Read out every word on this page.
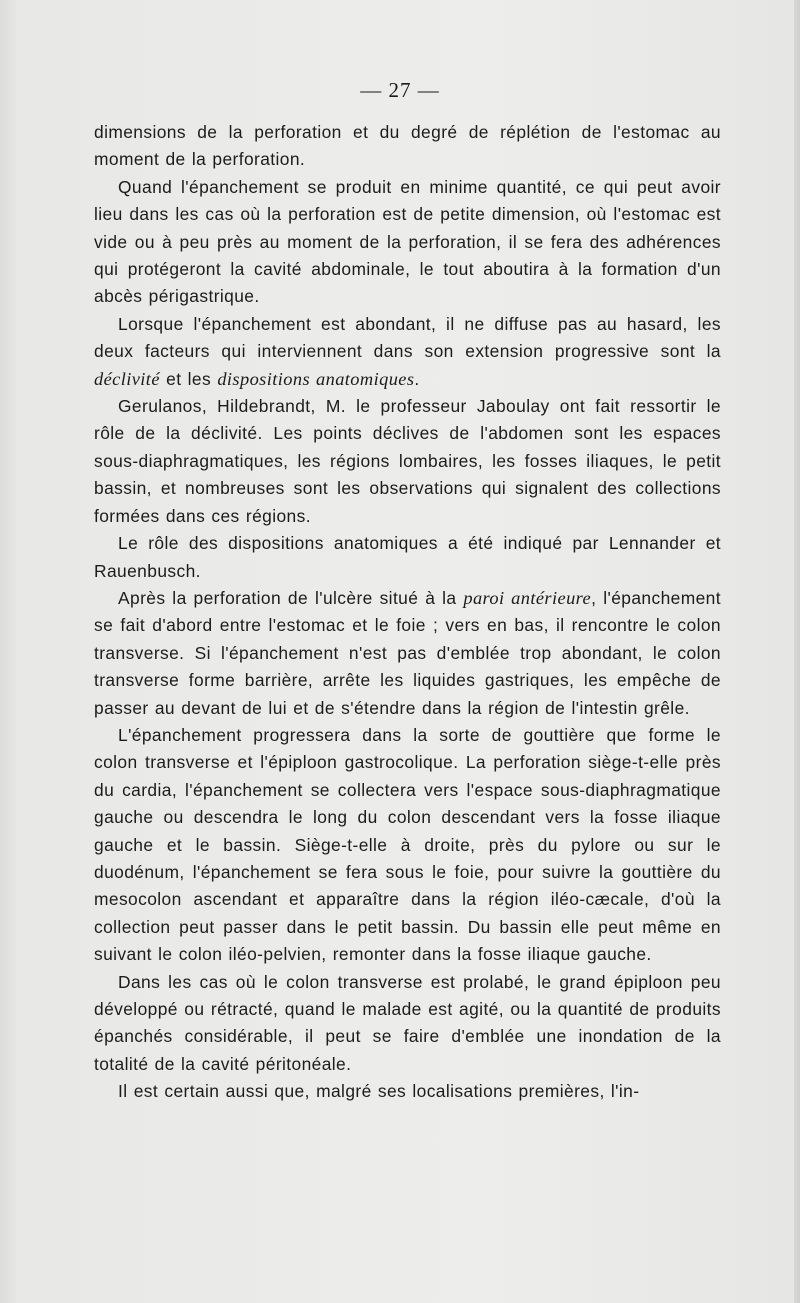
— 27 —

dimensions de la perforation et du degré de réplétion de l'estomac au moment de la perforation.

Quand l'épanchement se produit en minime quantité, ce qui peut avoir lieu dans les cas où la perforation est de petite dimension, où l'estomac est vide ou à peu près au moment de la perforation, il se fera des adhérences qui protégeront la cavité abdominale, le tout aboutira à la formation d'un abcès périgastrique.

Lorsque l'épanchement est abondant, il ne diffuse pas au hasard, les deux facteurs qui interviennent dans son extension progressive sont la déclivité et les dispositions anatomiques.

Gerulanos, Hildebrandt, M. le professeur Jaboulay ont fait ressortir le rôle de la déclivité. Les points déclives de l'abdomen sont les espaces sous-diaphragmatiques, les régions lombaires, les fosses iliaques, le petit bassin, et nombreuses sont les observations qui signalent des collections formées dans ces régions.

Le rôle des dispositions anatomiques a été indiqué par Lennander et Rauenbusch.

Après la perforation de l'ulcère situé à la paroi antérieure, l'épanchement se fait d'abord entre l'estomac et le foie ; vers en bas, il rencontre le colon transverse. Si l'épanchement n'est pas d'emblée trop abondant, le colon transverse forme barrière, arrête les liquides gastriques, les empêche de passer au devant de lui et de s'étendre dans la région de l'intestin grêle.

L'épanchement progressera dans la sorte de gouttière que forme le colon transverse et l'épiploon gastrocolique. La perforation siège-t-elle près du cardia, l'épanchement se collectera vers l'espace sous-diaphragmatique gauche ou descendra le long du colon descendant vers la fosse iliaque gauche et le bassin. Siège-t-elle à droite, près du pylore ou sur le duodénum, l'épanchement se fera sous le foie, pour suivre la gouttière du mesocolon ascendant et apparaître dans la région iléo-cæcale, d'où la collection peut passer dans le petit bassin. Du bassin elle peut même en suivant le colon iléo-pelvien, remonter dans la fosse iliaque gauche.

Dans les cas où le colon transverse est prolabé, le grand épiploon peu développé ou rétracté, quand le malade est agité, ou la quantité de produits épanchés considérable, il peut se faire d'emblée une inondation de la totalité de la cavité péritonéale.

Il est certain aussi que, malgré ses localisations premières, l'in-
